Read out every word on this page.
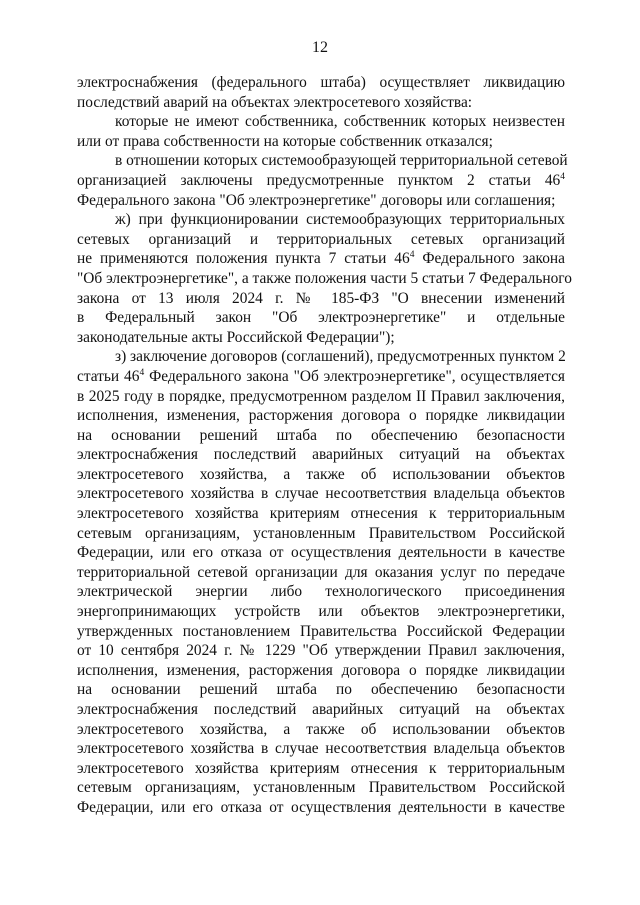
12
электроснабжения (федерального штаба) осуществляет ликвидацию
последствий аварий на объектах электросетевого хозяйства:
которые не имеют собственника, собственник которых неизвестен
или от права собственности на которые собственник отказался;
в отношении которых системообразующей территориальной сетевой
организацией заключены предусмотренные пунктом 2 статьи $46^4$
Федерального закона "Об электроэнергетике" договоры или соглашения;
ж) при функционировании системообразующих территориальных
сетевых организаций и территориальных сетевых организаций
не применяются положения пункта 7 статьи $46^4$ Федерального закона
"Об электроэнергетике", а также положения части 5 статьи 7 Федерального
закона от 13 июля 2024 г. № 185-ФЗ "О внесении изменений
в Федеральный закон "Об электроэнергетике" и отдельные
законодательные акты Российской Федерации");
з) заключение договоров (соглашений), предусмотренных пунктом 2
статьи $46^4$ Федерального закона "Об электроэнергетике", осуществляется
в 2025 году в порядке, предусмотренном разделом II Правил заключения,
исполнения, изменения, расторжения договора о порядке ликвидации
на основании решений штаба по обеспечению безопасности
электроснабжения последствий аварийных ситуаций на объектах
электросетевого хозяйства, а также об использовании объектов
электросетевого хозяйства в случае несоответствия владельца объектов
электросетевого хозяйства критериям отнесения к территориальным
сетевым организациям, установленным Правительством Российской
Федерации, или его отказа от осуществления деятельности в качестве
территориальной сетевой организации для оказания услуг по передаче
электрической энергии либо технологического присоединения
энергопринимающих устройств или объектов электроэнергетики,
утвержденных постановлением Правительства Российской Федерации
от 10 сентября 2024 г. № 1229 "Об утверждении Правил заключения,
исполнения, изменения, расторжения договора о порядке ликвидации
на основании решений штаба по обеспечению безопасности
электроснабжения последствий аварийных ситуаций на объектах
электросетевого хозяйства, а также об использовании объектов
электросетевого хозяйства в случае несоответствия владельца объектов
электросетевого хозяйства критериям отнесения к территориальным
сетевым организациям, установленным Правительством Российской
Федерации, или его отказа от осуществления деятельности в качестве
